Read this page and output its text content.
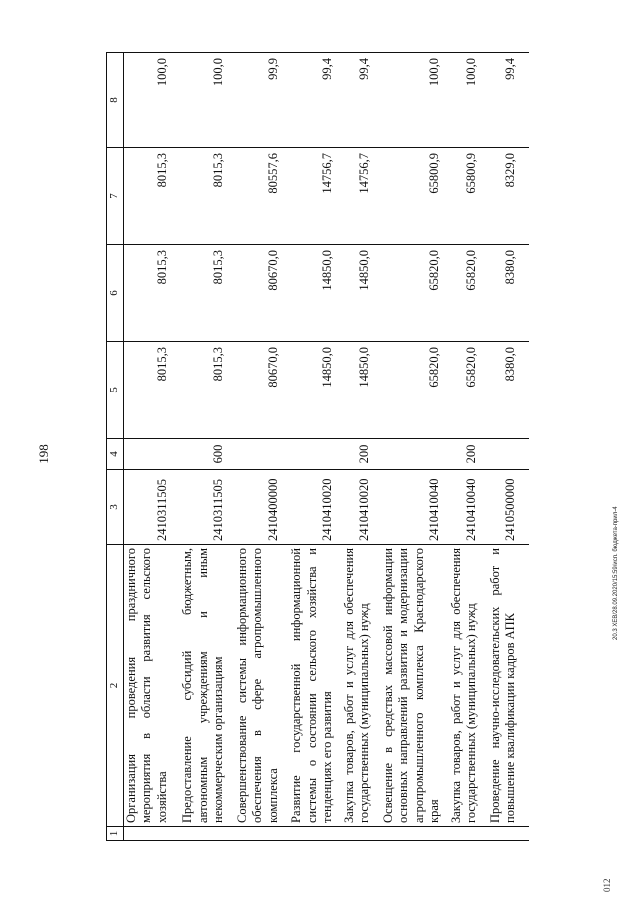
198
012
20.3 XEB/28.09.2020/15:59/исп. бюджета-прил-4
1	2	3	4	5	6	7	8
	Организация проведения праздничного мероприятия в области развития сельского хозяйства	2410311505		8015,3	8015,3	8015,3	100,0
	Предоставление субсидий бюджетным, автономным учреждениям и иным некоммерческим организациям	2410311505	600	8015,3	8015,3	8015,3	100,0
	Совершенствование системы информационного обеспечения в сфере агропромышленного комплекса	2410400000		80670,0	80670,0	80557,6	99,9
	Развитие государственной информационной системы о состоянии сельского хозяйства и тенденциях его развития	2410410020		14850,0	14850,0	14756,7	99,4
	Закупка товаров, работ и услуг для обеспечения государственных (муниципальных) нужд	2410410020	200	14850,0	14850,0	14756,7	99,4
	Освещение в средствах массовой информации основных направлений развития и модернизации агропромышленного комплекса Краснодарского края	2410410040		65820,0	65820,0	65800,9	100,0
	Закупка товаров, работ и услуг для обеспечения государственных (муниципальных) нужд	2410410040	200	65820,0	65820,0	65800,9	100,0
	Проведение научно-исследовательских работ и повышение квалификации кадров АПК	2410500000		8380,0	8380,0	8329,0	99,4
